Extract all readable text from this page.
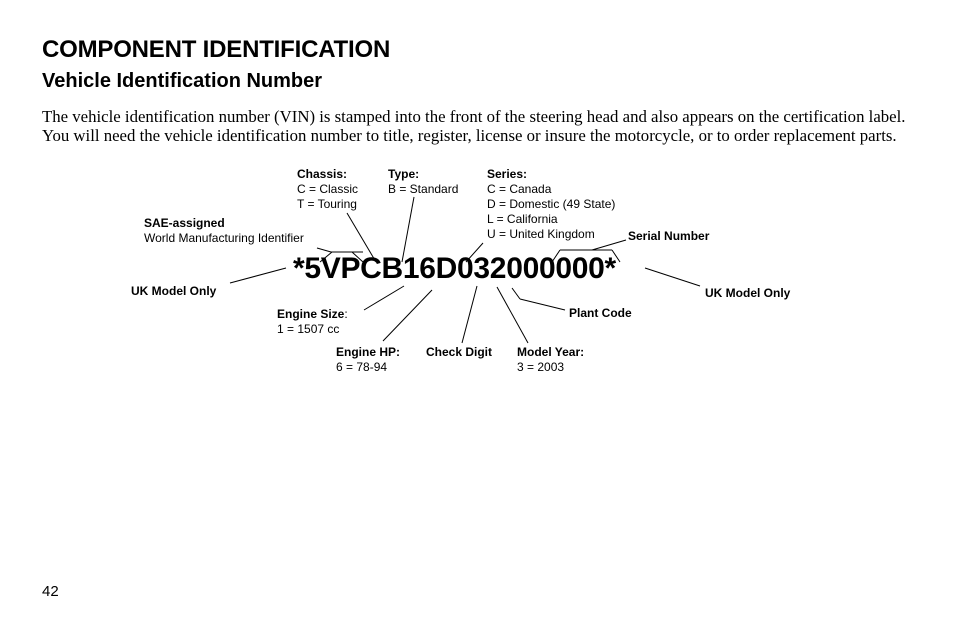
COMPONENT IDENTIFICATION
Vehicle Identification Number

The vehicle identification number (VIN) is stamped into the front of the steering head and also appears on the certification label. You will need the vehicle identification number to title, register, license or insure the motorcycle, or to order replacement parts.

*5VPCB16D032000000*
Chassis:
C = Classic
T = Touring
Type:
B = Standard
Series:
C = Canada
D = Domestic (49 State)
L = California
U = United Kingdom
SAE-assigned
World Manufacturing Identifier	Serial Number
UK Model Only	UK Model Only
Engine Size:
1 = 1507 cc
Plant Code
Engine HP:
6 = 78-94
Check Digit Model Year:
3 = 2003
42
